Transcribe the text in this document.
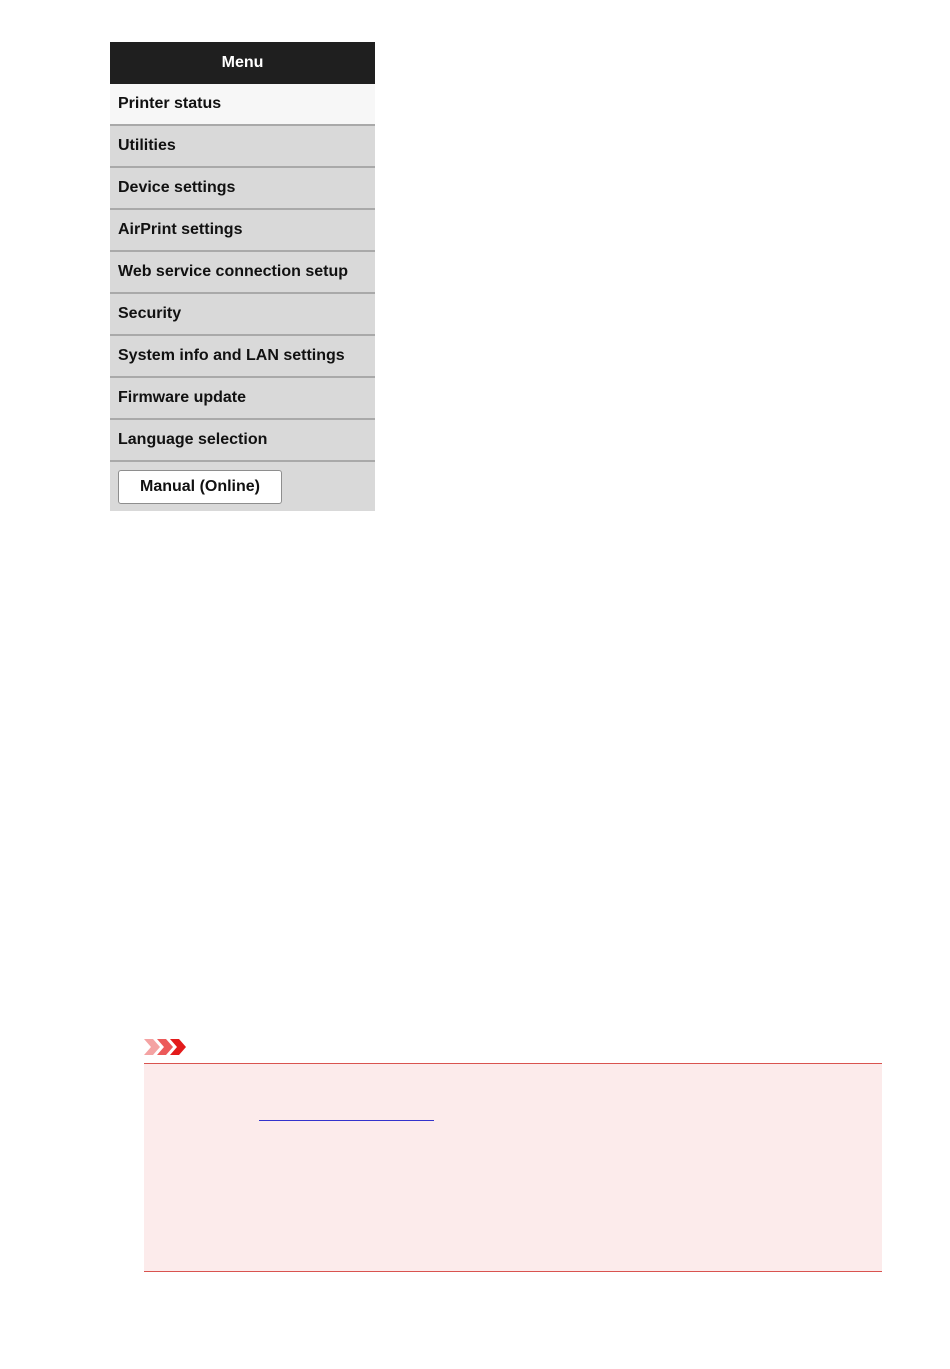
Menu
Printer status
Utilities
Device settings
AirPrint settings
Web service connection setup
Security
System info and LAN settings
Firmware update
Language selection
Manual (Online)
